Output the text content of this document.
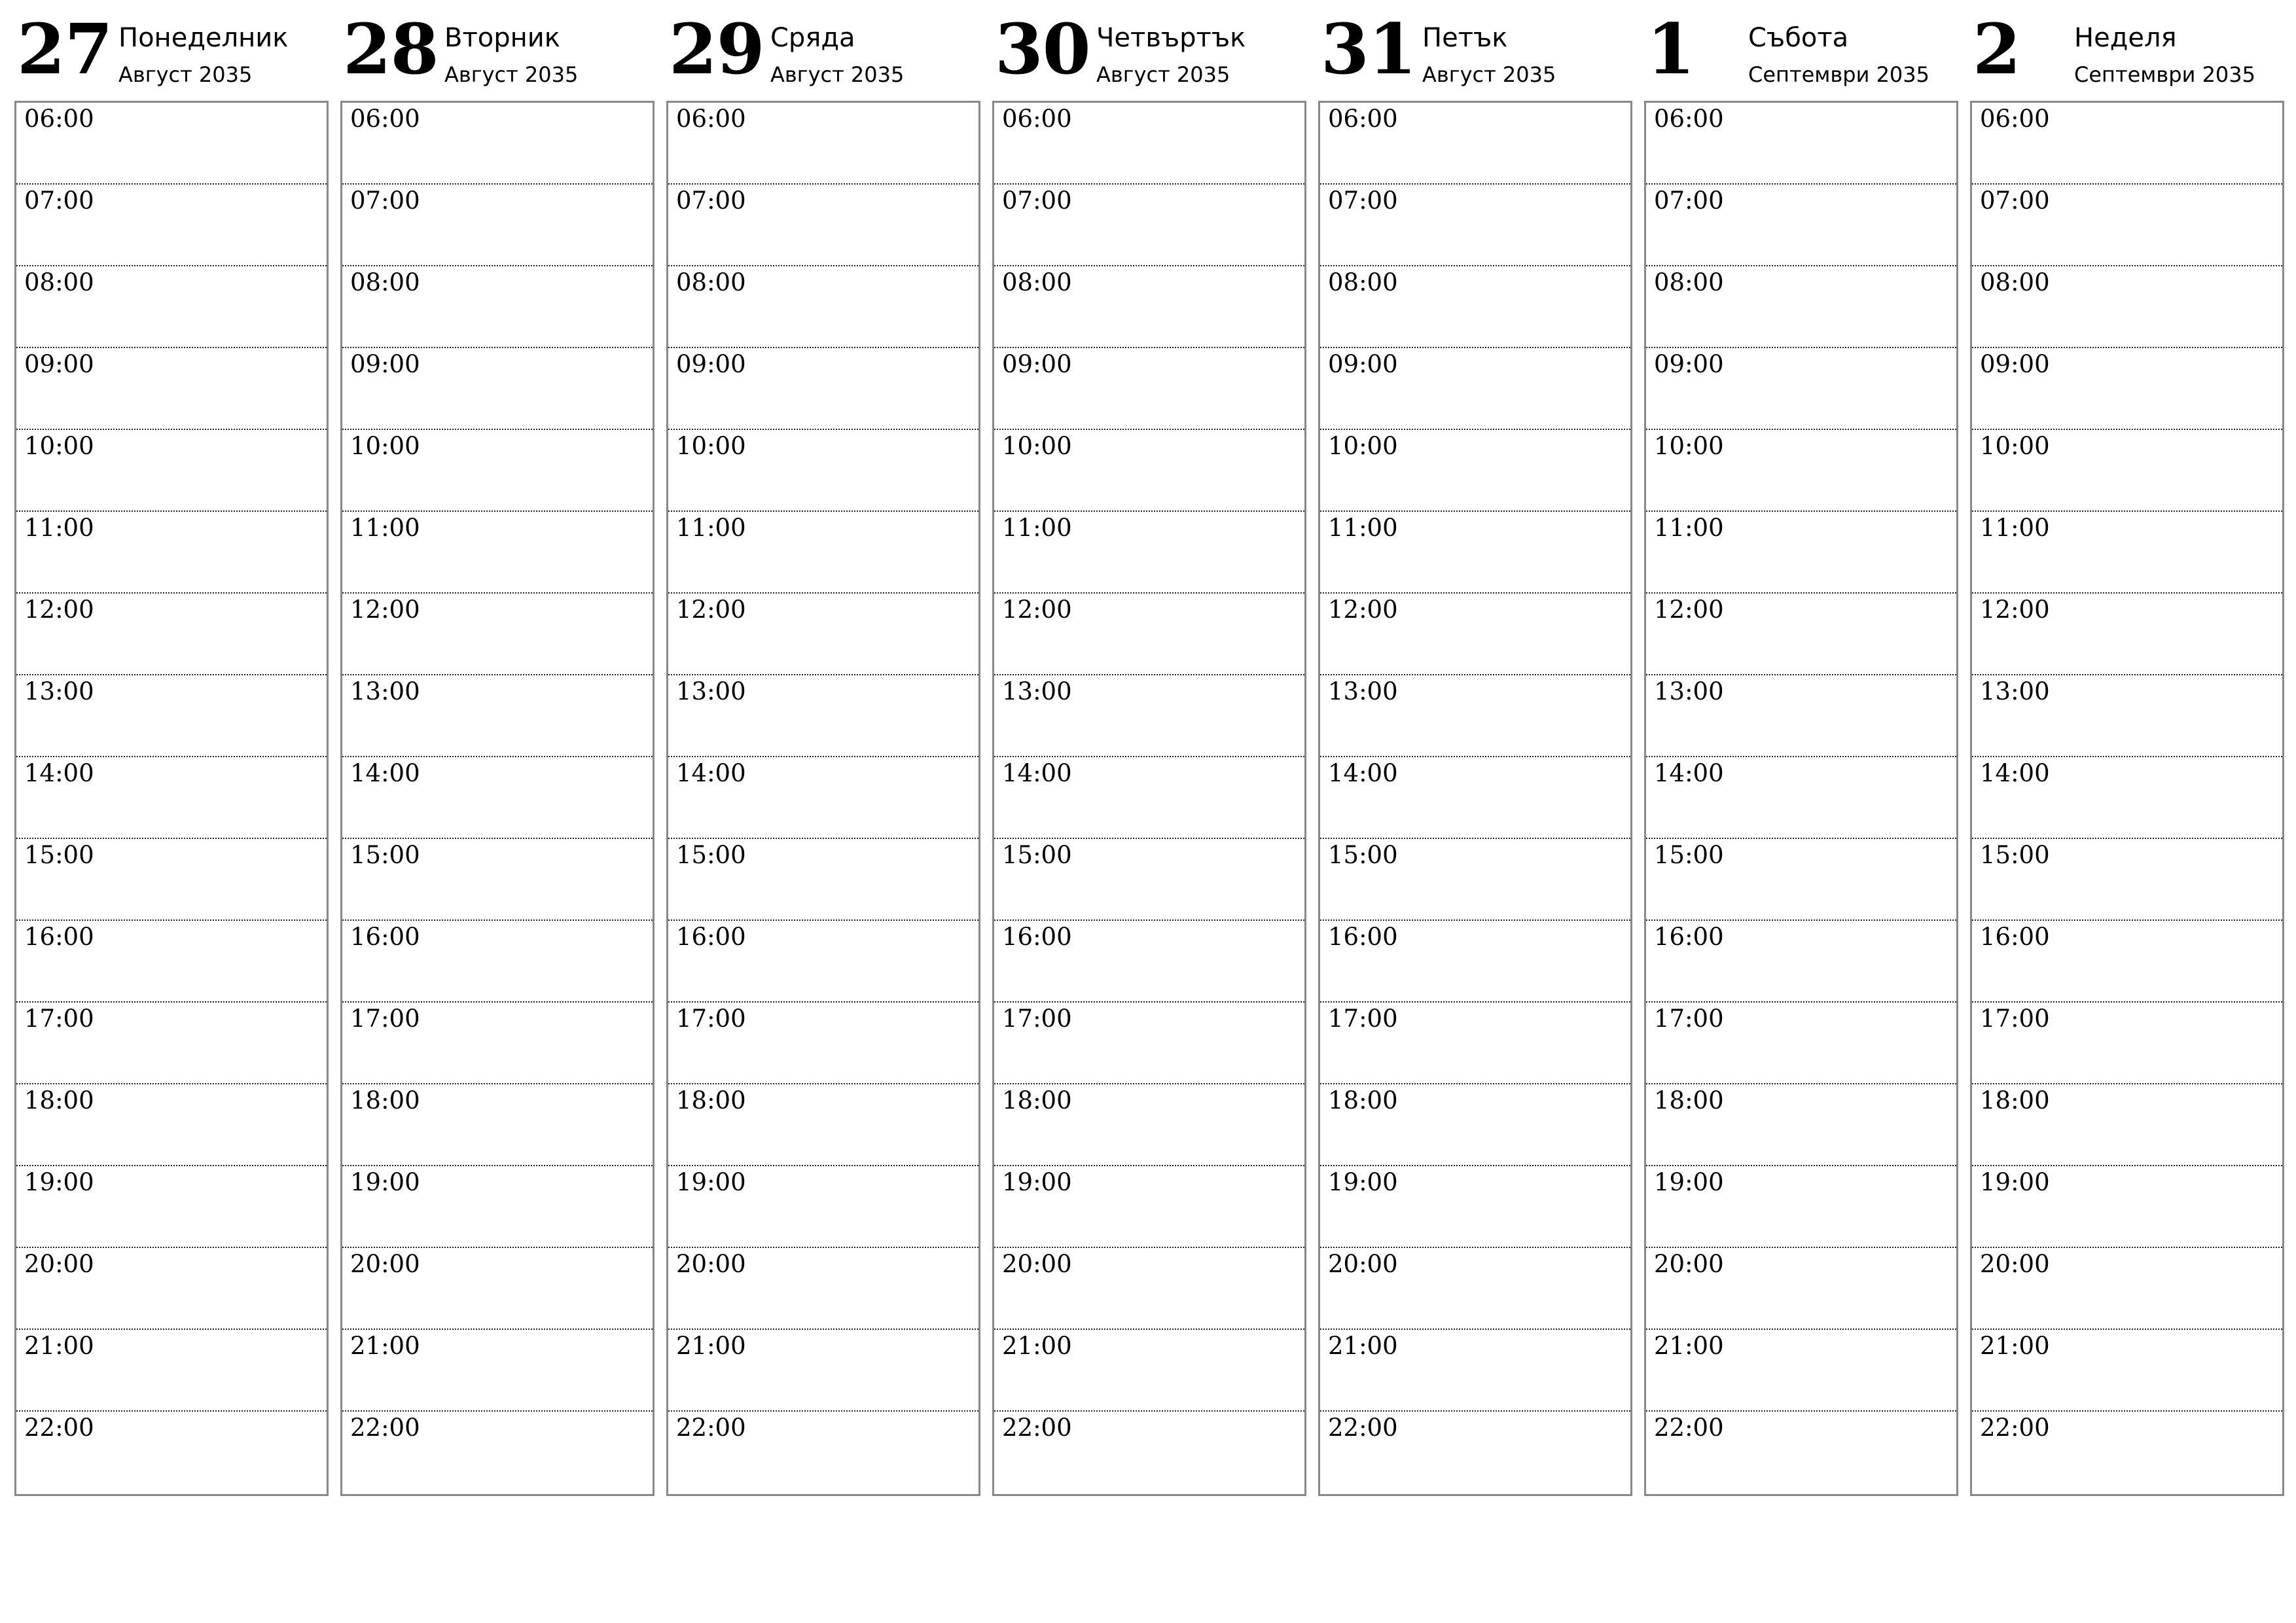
27 Понеделник
Август 2035
06:00
07:00
08:00
09:00
10:00
11:00
12:00
13:00
14:00
15:00
16:00
17:00
18:00
19:00
20:00
21:00
22:00
28 Вторник
Август 2035
06:00
07:00
08:00
09:00
10:00
11:00
12:00
13:00
14:00
15:00
16:00
17:00
18:00
19:00
20:00
21:00
22:00
29 Сряда
Август 2035
06:00
07:00
08:00
09:00
10:00
11:00
12:00
13:00
14:00
15:00
16:00
17:00
18:00
19:00
20:00
21:00
22:00
30 Четвъртък
Август 2035
06:00
07:00
08:00
09:00
10:00
11:00
12:00
13:00
14:00
15:00
16:00
17:00
18:00
19:00
20:00
21:00
22:00
31 Петък
Август 2035
06:00
07:00
08:00
09:00
10:00
11:00
12:00
13:00
14:00
15:00
16:00
17:00
18:00
19:00
20:00
21:00
22:00
1 Събота
Септември 2035
06:00
07:00
08:00
09:00
10:00
11:00
12:00
13:00
14:00
15:00
16:00
17:00
18:00
19:00
20:00
21:00
22:00
2 Неделя
Септември 2035
06:00
07:00
08:00
09:00
10:00
11:00
12:00
13:00
14:00
15:00
16:00
17:00
18:00
19:00
20:00
21:00
22:00
